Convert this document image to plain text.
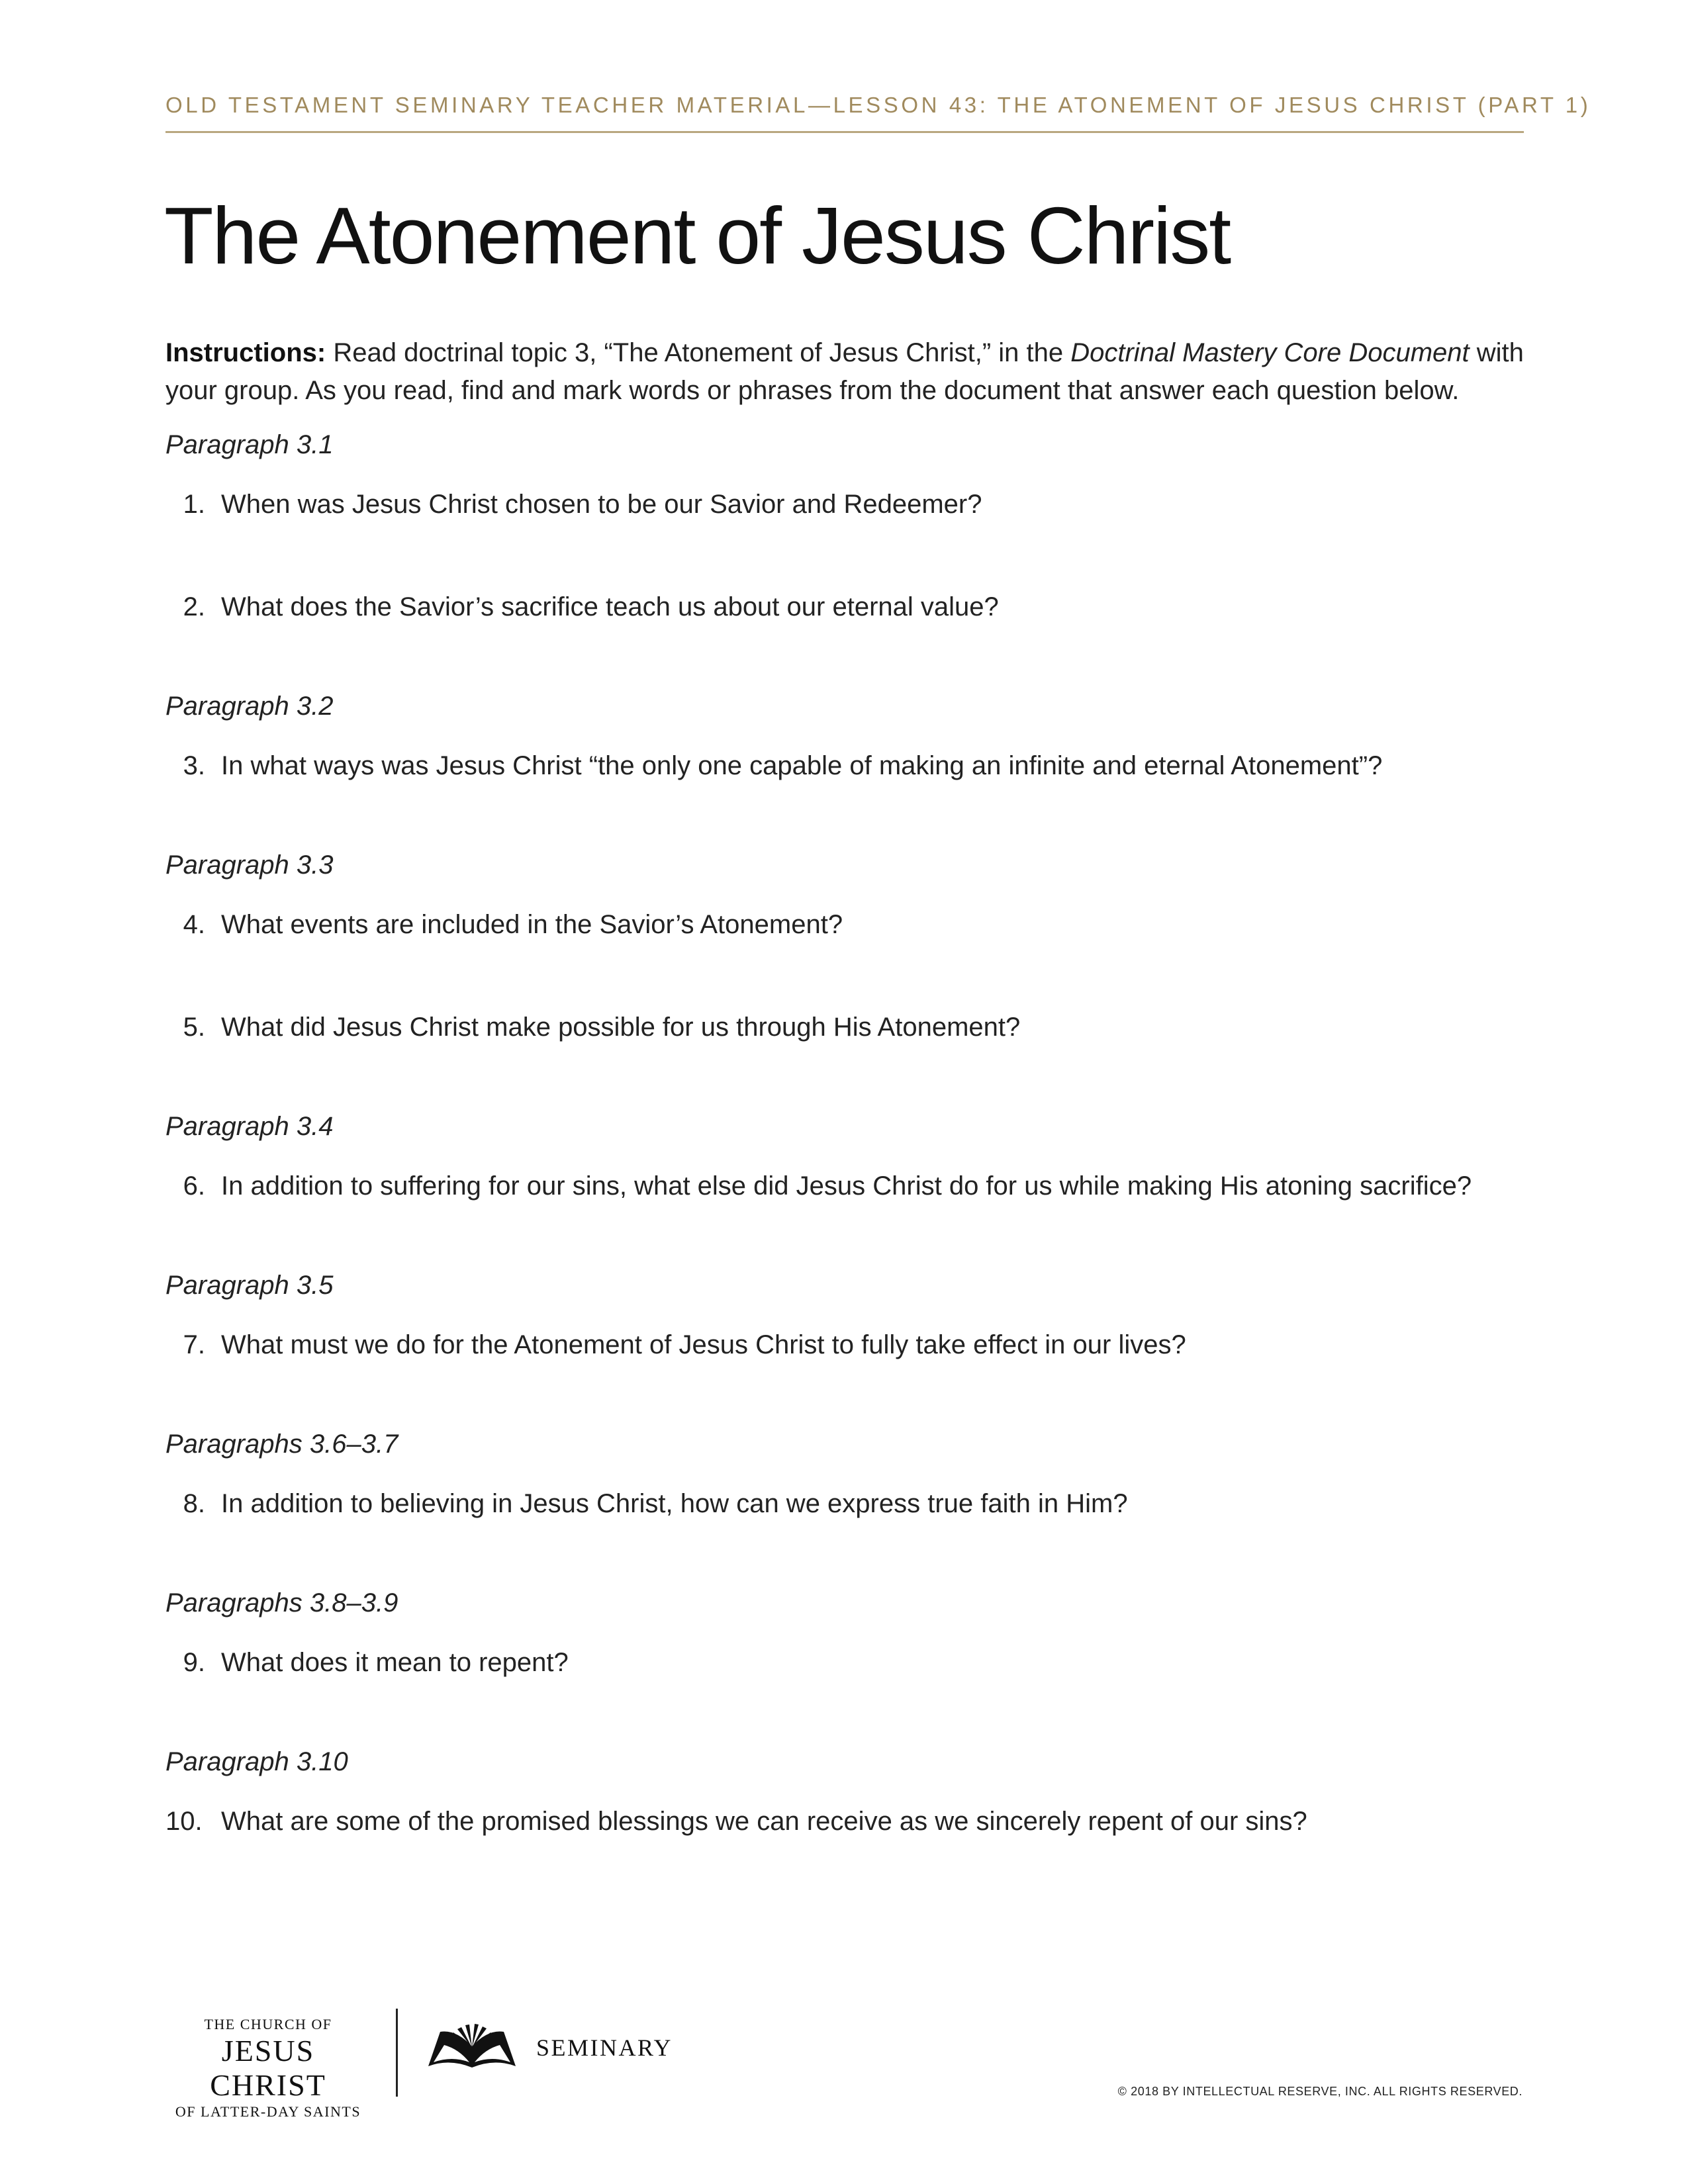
OLD TESTAMENT SEMINARY TEACHER MATERIAL—LESSON 43: THE ATONEMENT OF JESUS CHRIST (PART 1)
The Atonement of Jesus Christ
Instructions: Read doctrinal topic 3, “The Atonement of Jesus Christ,” in the Doctrinal Mastery Core Document with your group. As you read, find and mark words or phrases from the document that answer each question below.
Paragraph 3.1
1. When was Jesus Christ chosen to be our Savior and Redeemer?
2. What does the Savior’s sacrifice teach us about our eternal value?
Paragraph 3.2
3. In what ways was Jesus Christ “the only one capable of making an infinite and eternal Atonement”?
Paragraph 3.3
4. What events are included in the Savior’s Atonement?
5. What did Jesus Christ make possible for us through His Atonement?
Paragraph 3.4
6. In addition to suffering for our sins, what else did Jesus Christ do for us while making His atoning sacrifice?
Paragraph 3.5
7. What must we do for the Atonement of Jesus Christ to fully take effect in our lives?
Paragraphs 3.6–3.7
8. In addition to believing in Jesus Christ, how can we express true faith in Him?
Paragraphs 3.8–3.9
9. What does it mean to repent?
Paragraph 3.10
10. What are some of the promised blessings we can receive as we sincerely repent of our sins?
THE CHURCH OF
JESUS CHRIST
OF LATTER-DAY SAINTS
SEMINARY
© 2018 BY INTELLECTUAL RESERVE, INC. ALL RIGHTS RESERVED.
